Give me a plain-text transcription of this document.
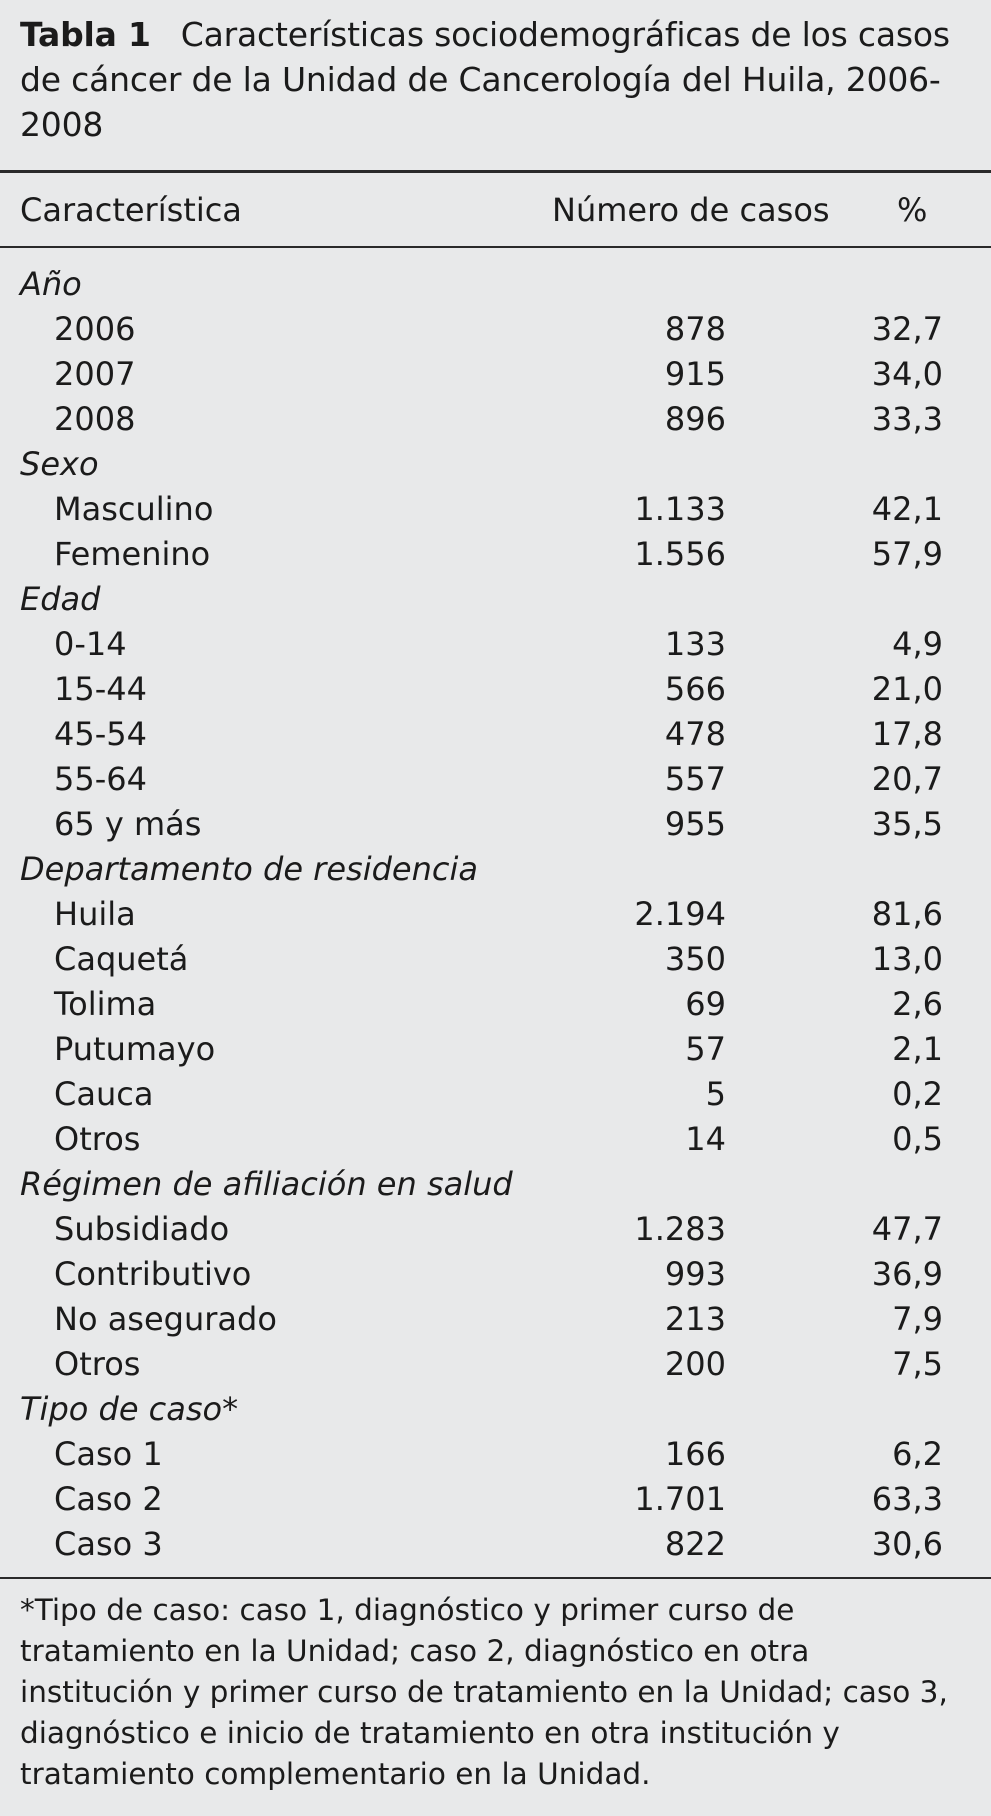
Tabla 1 Características sociodemográficas de los casos de cáncer de la Unidad de Cancerología del Huila, 2006-2008
Característica	Número de casos %
Año
2006	878	32,7
2007	915	34,0
2008	896	33,3
Sexo
Masculino	1.133	42,1
Femenino	1.556	57,9
Edad
0-14	133	4,9
15-44	566	21,0
45-54	478	17,8
55-64	557	20,7
65 y más	955	35,5
Departamento de residencia
Huila	2.194	81,6
Caquetá	350	13,0
Tolima	69	2,6
Putumayo	57	2,1
Cauca	5	0,2
Otros	14	0,5
Régimen de afiliación en salud
Subsidiado	1.283	47,7
Contributivo	993	36,9
No asegurado	213	7,9
Otros	200	7,5
Tipo de caso*
Caso 1	166	6,2
Caso 2	1.701	63,3
Caso 3	822	30,6
*Tipo de caso: caso 1, diagnóstico y primer curso de tratamiento en la Unidad; caso 2, diagnóstico en otra institución y primer curso de tratamiento en la Unidad; caso 3, diagnóstico e inicio de tratamiento en otra institución y tratamiento complementario en la Unidad.
